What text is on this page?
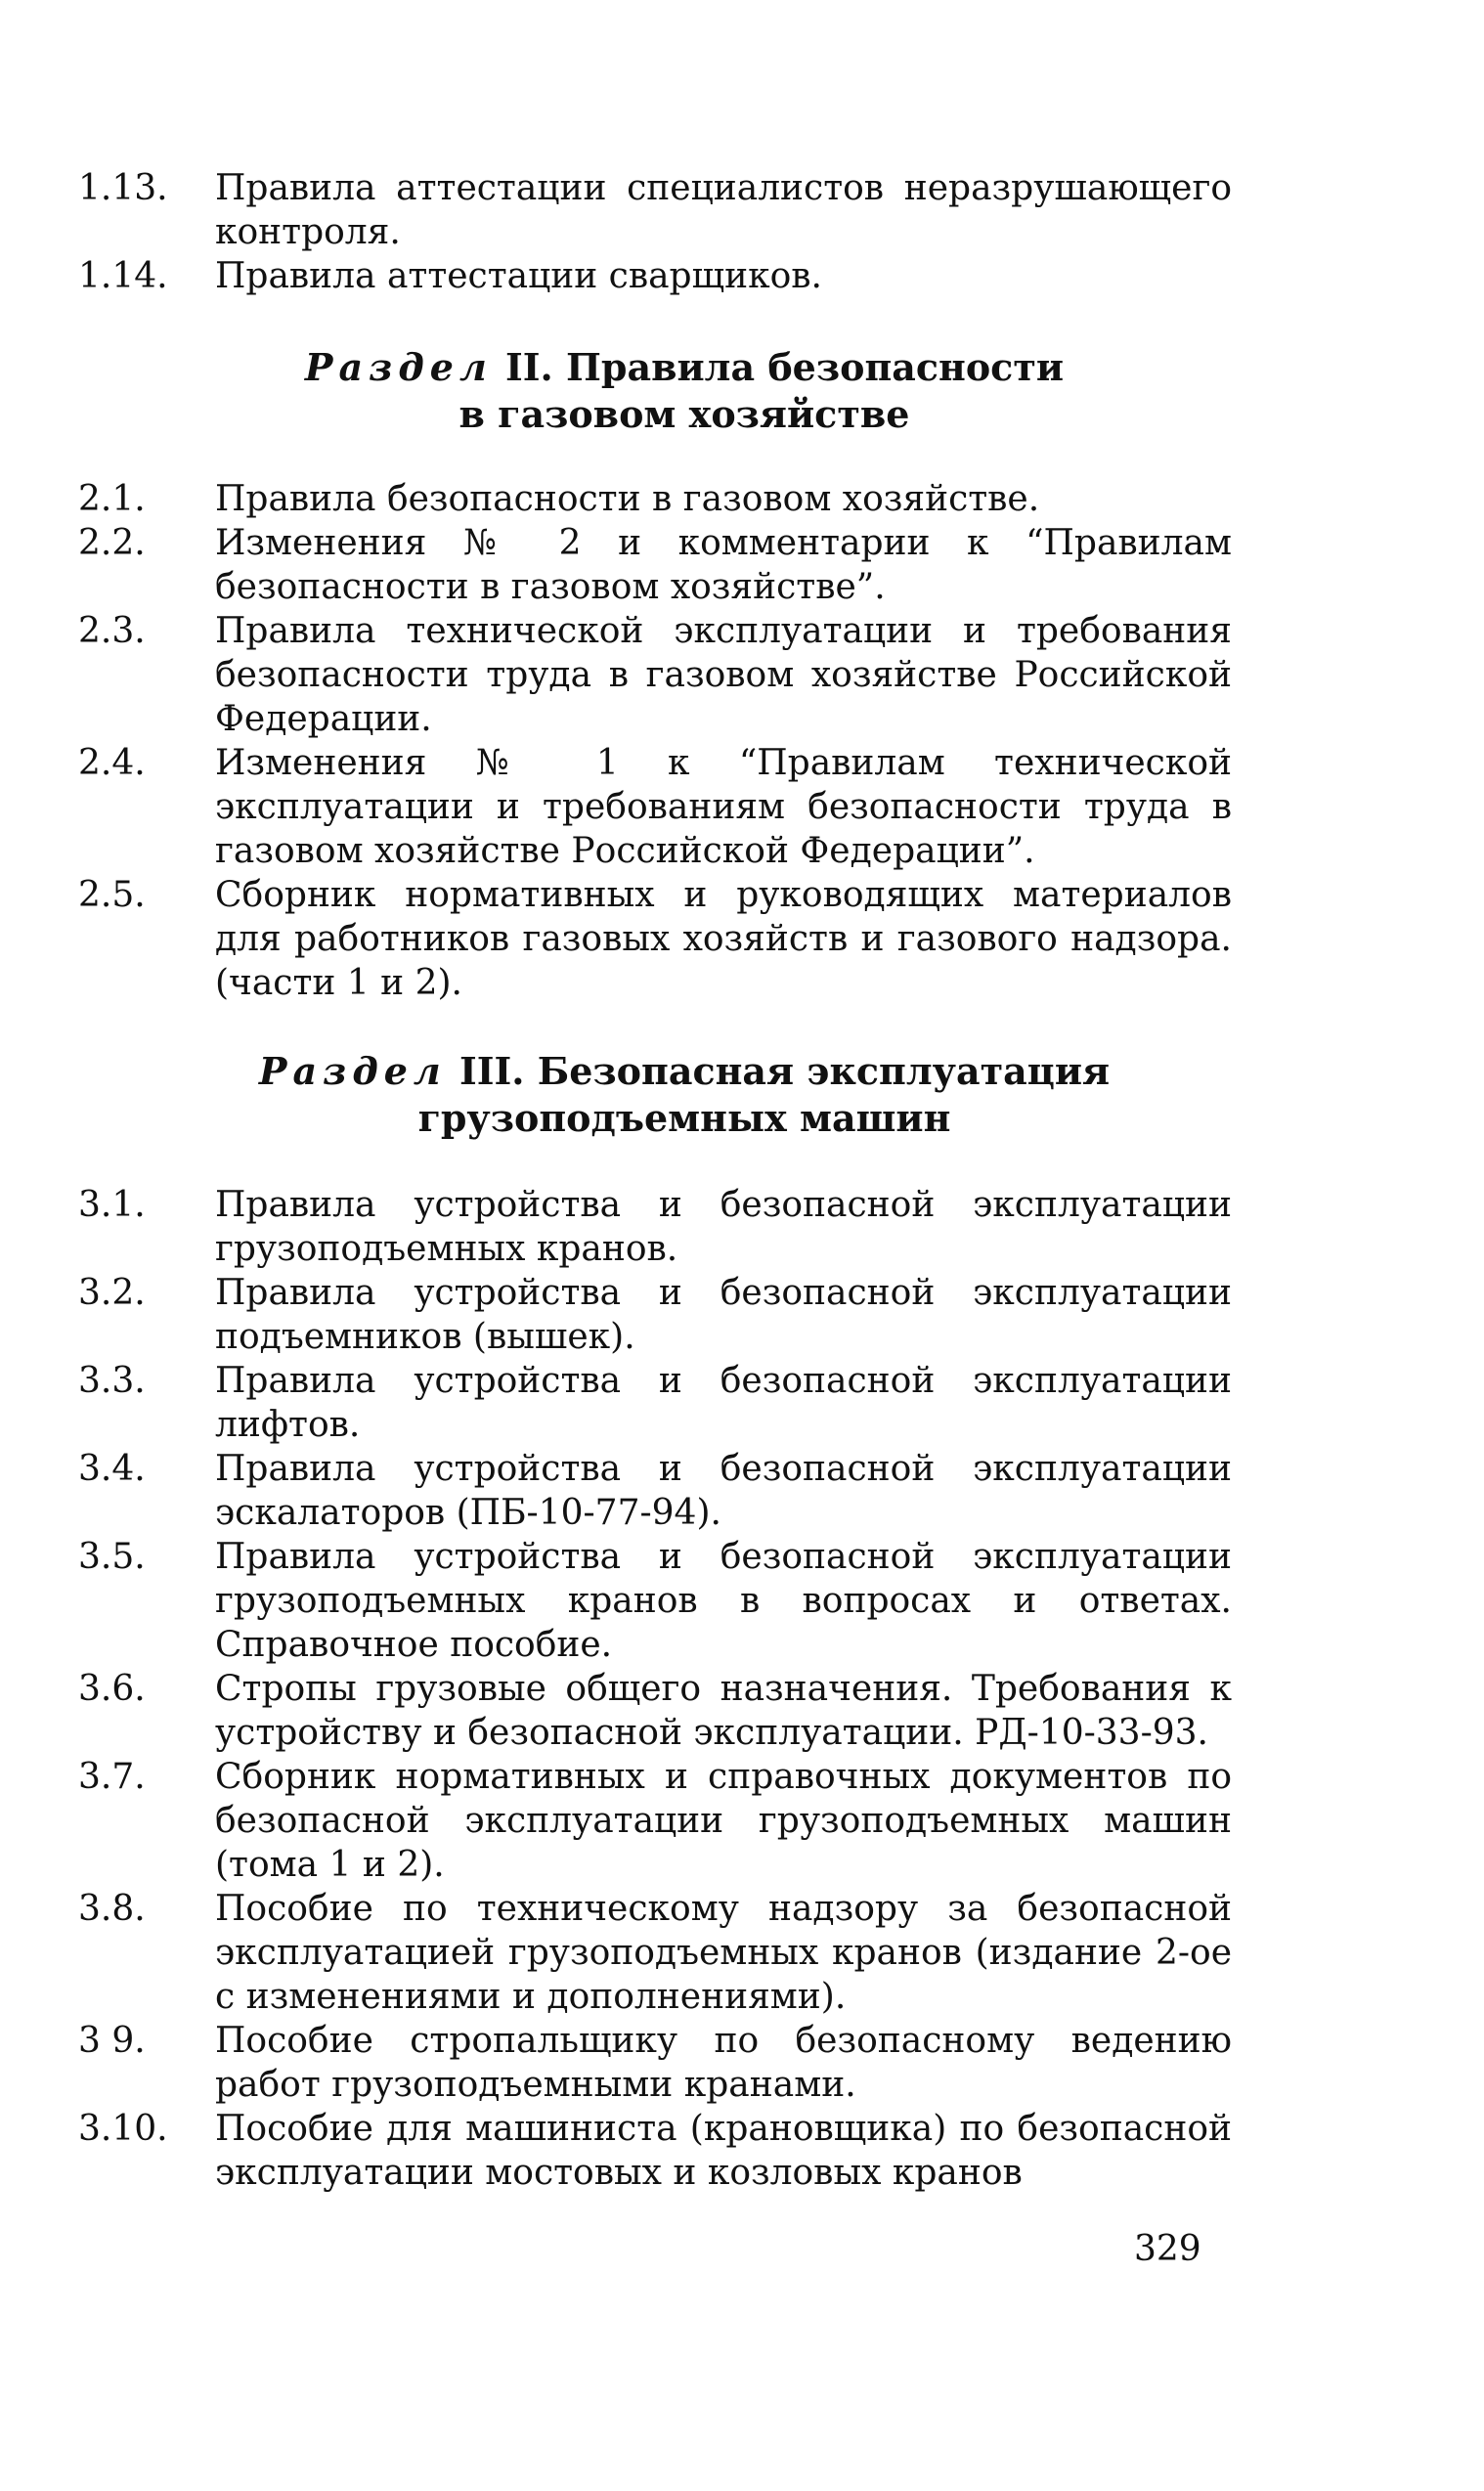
1.13.	Правила аттестации специалистов неразрушающего контроля.
1.14.	Правила аттестации сварщиков.
Раздел II. Правила безопасности
в газовом хозяйстве
2.1.	Правила безопасности в газовом хозяйстве.
2.2.	Изменения № 2 и комментарии к “Правилам безопасности в газовом хозяйстве”.
2.3.	Правила технической эксплуатации и требования безопасности труда в газовом хозяйстве Российской Федерации.
2.4.	Изменения № 1 к “Правилам технической эксплуатации и требованиям безопасности труда в газовом хозяйстве Российской Федерации”.
2.5.	Сборник нормативных и руководящих материалов для работников газовых хозяйств и газового надзора. (части 1 и 2).
Раздел III. Безопасная эксплуатация
грузоподъемных машин
3.1.	Правила устройства и безопасной эксплуатации грузоподъемных кранов.
3.2.	Правила устройства и безопасной эксплуатации подъемников (вышек).
3.3.	Правила устройства и безопасной эксплуатации лифтов.
3.4.	Правила устройства и безопасной эксплуатации эскалаторов (ПБ-10-77-94).
3.5.	Правила устройства и безопасной эксплуатации грузоподъемных кранов в вопросах и ответах. Справочное пособие.
3.6.	Стропы грузовые общего назначения. Требования к устройству и безопасной эксплуатации. РД-10-33-93.
3.7.	Сборник нормативных и справочных документов по безопасной эксплуатации грузоподъемных машин (тома 1 и 2).
3.8.	Пособие по техническому надзору за безопасной эксплуатацией грузоподъемных кранов (издание 2-ое с изменениями и дополнениями).
3 9.	Пособие стропальщику по безопасному ведению работ грузоподъемными кранами.
3.10.	Пособие для машиниста (крановщика) по безопасной эксплуатации мостовых и козловых кранов
329
